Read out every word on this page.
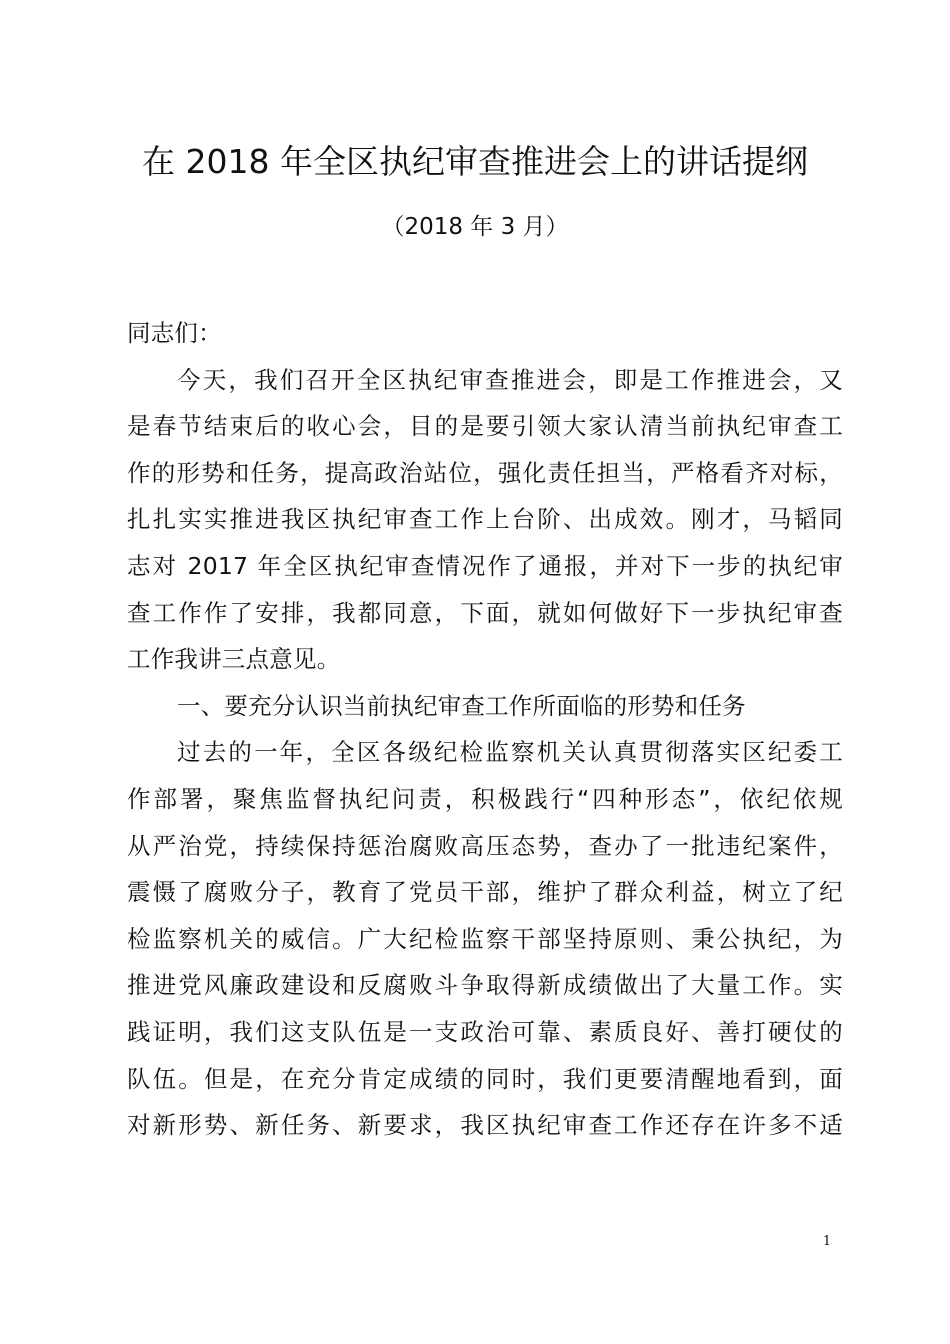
在 2018 年全区执纪审查推进会上的讲话提纲
（2018 年 3 月）
同志们：
今天，我们召开全区执纪审查推进会，即是工作推进会，又
是春节结束后的收心会，目的是要引领大家认清当前执纪审查工
作的形势和任务，提高政治站位，强化责任担当，严格看齐对标，
扎扎实实推进我区执纪审查工作上台阶、出成效。刚才，马韬同
志对 2017 年全区执纪审查情况作了通报，并对下一步的执纪审
查工作作了安排，我都同意，下面，就如何做好下一步执纪审查
工作我讲三点意见。
一、要充分认识当前执纪审查工作所面临的形势和任务
过去的一年，全区各级纪检监察机关认真贯彻落实区纪委工
作部署，聚焦监督执纪问责，积极践行“四种形态”，依纪依规
从严治党，持续保持惩治腐败高压态势，查办了一批违纪案件，
震慑了腐败分子，教育了党员干部，维护了群众利益，树立了纪
检监察机关的威信。广大纪检监察干部坚持原则、秉公执纪，为
推进党风廉政建设和反腐败斗争取得新成绩做出了大量工作。实
践证明，我们这支队伍是一支政治可靠、素质良好、善打硬仗的
队伍。但是，在充分肯定成绩的同时，我们更要清醒地看到，面
对新形势、新任务、新要求，我区执纪审查工作还存在许多不适
1
